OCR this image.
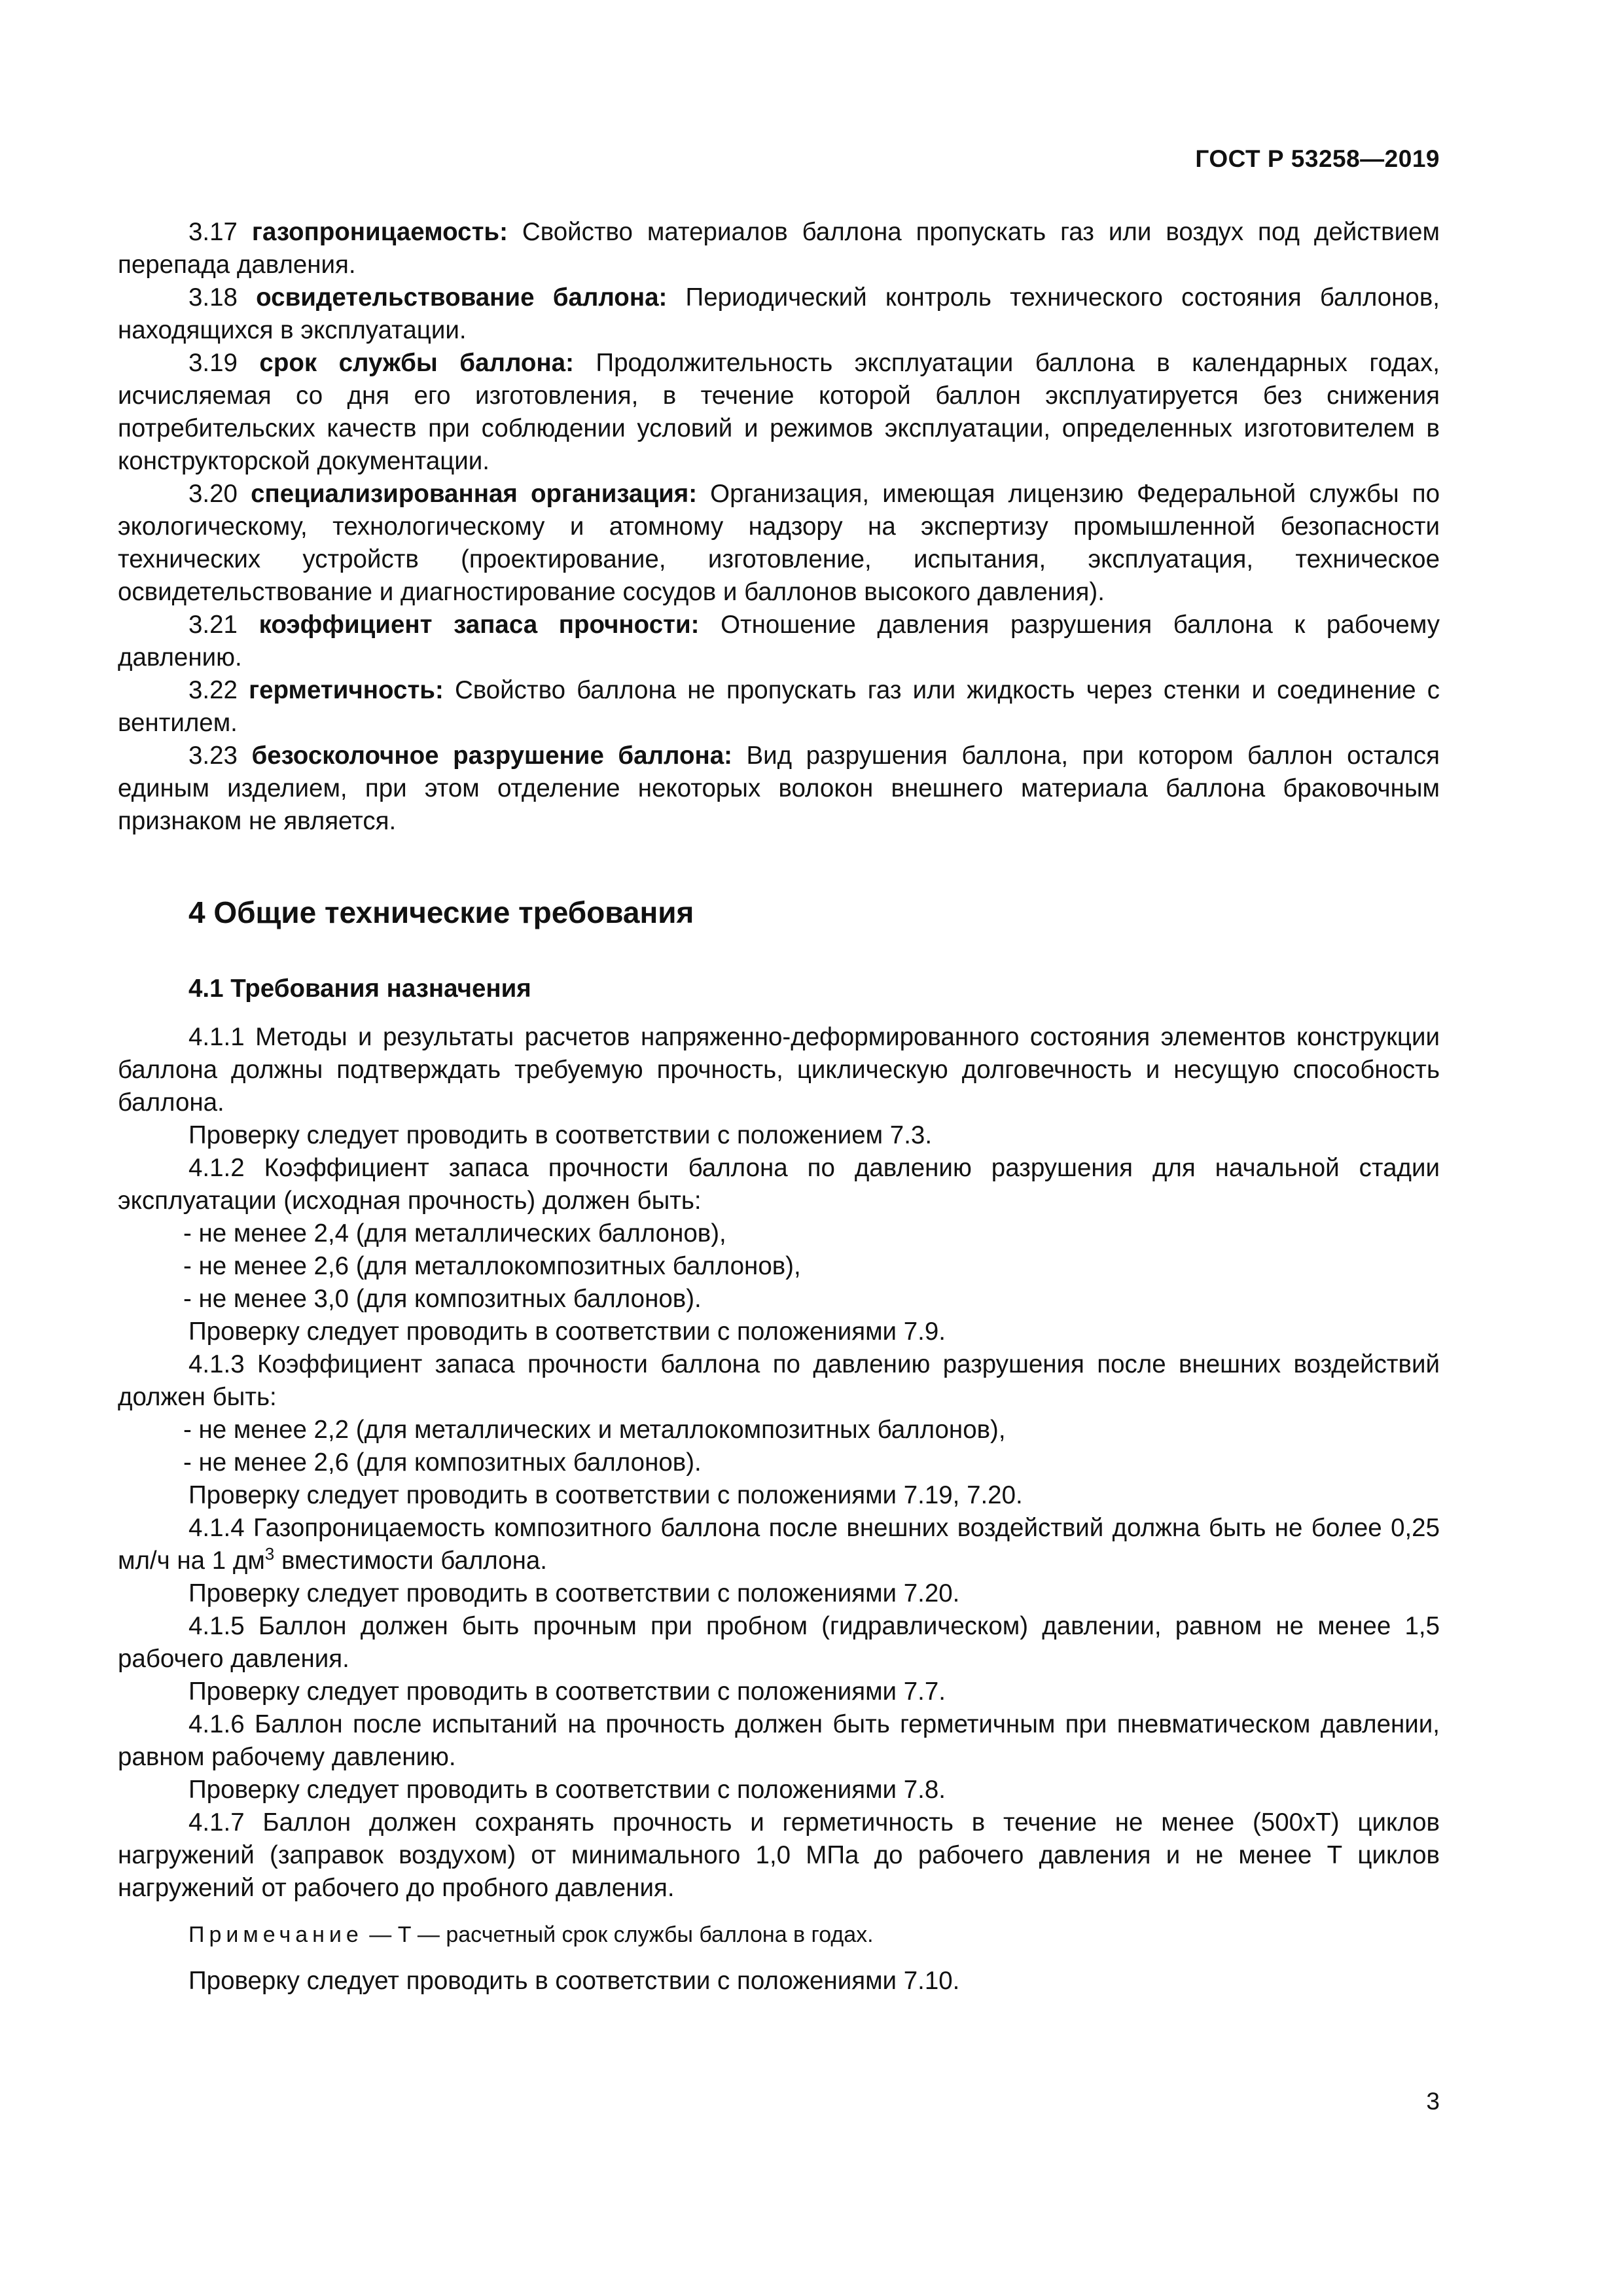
ГОСТ Р 53258—2019

3.17 газопроницаемость: Свойство материалов баллона пропускать газ или воздух под действием перепада давления.

3.18 освидетельствование баллона: Периодический контроль технического состояния баллонов, находящихся в эксплуатации.

3.19 срок службы баллона: Продолжительность эксплуатации баллона в календарных годах, исчисляемая со дня его изготовления, в течение которой баллон эксплуатируется без снижения потребительских качеств при соблюдении условий и режимов эксплуатации, определенных изготовителем в конструкторской документации.

3.20 специализированная организация: Организация, имеющая лицензию Федеральной службы по экологическому, технологическому и атомному надзору на экспертизу промышленной безопасности технических устройств (проектирование, изготовление, испытания, эксплуатация, техническое освидетельствование и диагностирование сосудов и баллонов высокого давления).

3.21 коэффициент запаса прочности: Отношение давления разрушения баллона к рабочему давлению.

3.22 герметичность: Свойство баллона не пропускать газ или жидкость через стенки и соединение с вентилем.

3.23 безосколочное разрушение баллона: Вид разрушения баллона, при котором баллон остался единым изделием, при этом отделение некоторых волокон внешнего материала баллона браковочным признаком не является.

4 Общие технические требования
4.1 Требования назначения

4.1.1 Методы и результаты расчетов напряженно-деформированного состояния элементов конструкции баллона должны подтверждать требуемую прочность, циклическую долговечность и несущую способность баллона.

Проверку следует проводить в соответствии с положением 7.3.

4.1.2 Коэффициент запаса прочности баллона по давлению разрушения для начальной стадии эксплуатации (исходная прочность) должен быть:

- не менее 2,4 (для металлических баллонов),

- не менее 2,6 (для металлокомпозитных баллонов),

- не менее 3,0 (для композитных баллонов).

Проверку следует проводить в соответствии с положениями 7.9.

4.1.3 Коэффициент запаса прочности баллона по давлению разрушения после внешних воздействий должен быть:

- не менее 2,2 (для металлических и металлокомпозитных баллонов),

- не менее 2,6 (для композитных баллонов).

Проверку следует проводить в соответствии с положениями 7.19, 7.20.

4.1.4 Газопроницаемость композитного баллона после внешних воздействий должна быть не более 0,25 мл/ч на 1 $дм^3$ вместимости баллона.

Проверку следует проводить в соответствии с положениями 7.20.

4.1.5 Баллон должен быть прочным при пробном (гидравлическом) давлении, равном не менее 1,5 рабочего давления.

Проверку следует проводить в соответствии с положениями 7.7.

4.1.6 Баллон после испытаний на прочность должен быть герметичным при пневматическом давлении, равном рабочему давлению.

Проверку следует проводить в соответствии с положениями 7.8.

4.1.7 Баллон должен сохранять прочность и герметичность в течение не менее (500хТ) циклов нагружений (заправок воздухом) от минимального 1,0 МПа до рабочего давления и не менее Т циклов нагружений от рабочего до пробного давления.

Примечание — Т — расчетный срок службы баллона в годах.

Проверку следует проводить в соответствии с положениями 7.10.

3
